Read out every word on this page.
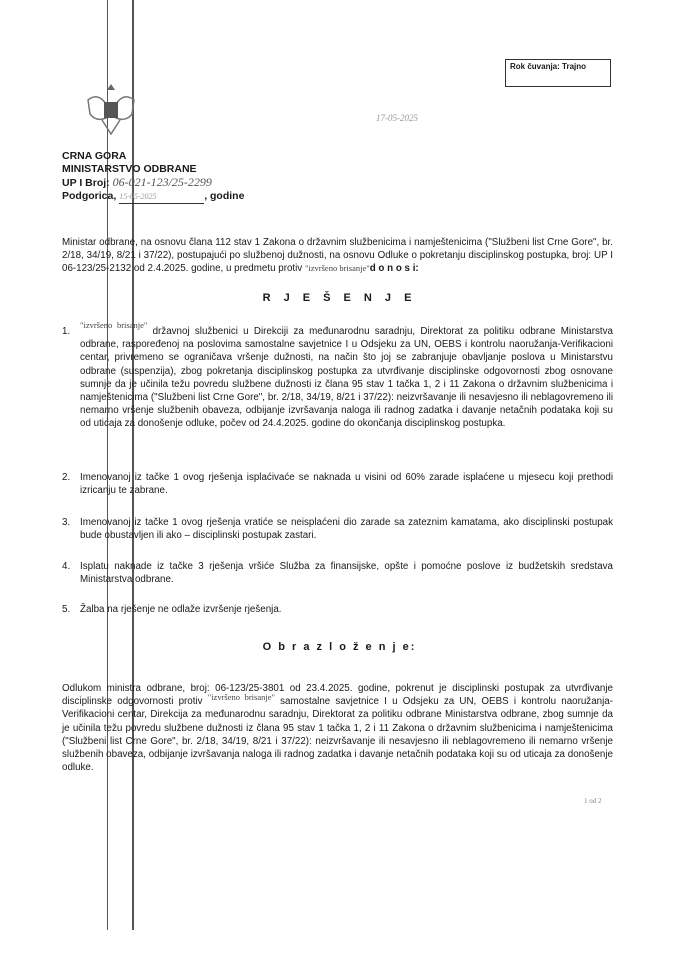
Rok čuvanja: Trajno
17-05-2025
CRNA GORA
MINISTARSTVO ODBRANE
UP I Broj: 06-021-123/25-2299
Podgorica, 15-05-2025	, godine
Ministar odbrane, na osnovu člana 112 stav 1 Zakona o državnim službenicima i namještenicima ("Službeni list Crne Gore", br. 2/18, 34/19, 8/21 i 37/22), postupajući po službenoj dužnosti, na osnovu Odluke o pokretanju disciplinskog postupka, broj: UP I 06-123/25-2132 od 2.4.2025. godine, u predmetu protiv "izvršeno brisanje"d o n o s i:
R J E Š E N J E
1.
"izvršeno brisanje" državnoj službenici u Direkciji za međunarodnu saradnju, Direktorat za politiku odbrane Ministarstva odbrane, raspoređenoj na poslovima samostalne savjetnice I u Odsjeku za UN, OEBS i kontrolu naoružanja-Verifikacioni centar, privremeno se ograničava vršenje dužnosti, na način što joj se zabranjuje obavljanje poslova u Ministarstvu odbrane (suspenzija), zbog pokretanja disciplinskog postupka za utvrđivanje disciplinske odgovornosti zbog osnovane sumnje da je učinila težu povredu službene dužnosti iz člana 95 stav 1 tačka 1, 2 i 11 Zakona o državnim službenicima i namještenicima ("Službeni list Crne Gore", br. 2/18, 34/19, 8/21 i 37/22): neizvršavanje ili nesavjesno ili neblagovremeno ili nemarno vršenje službenih obaveza, odbijanje izvršavanja naloga ili radnog zadatka i davanje netačnih podataka koji su od uticaja za donošenje odluke, počev od 24.4.2025. godine do okončanja disciplinskog postupka.
2.	Imenovanoj iz tačke 1 ovog rješenja isplaćivaće se naknada u visini od 60% zarade isplaćene u mjesecu koji prethodi izricanju te zabrane.
3.	Imenovanoj iz tačke 1 ovog rješenja vratiće se neisplaćeni dio zarade sa zateznim kamatama, ako disciplinski postupak bude obustavljen ili ako – disciplinski postupak zastari.
4.	Isplatu naknade iz tačke 3 rješenja vršiće Služba za finansijske, opšte i pomoćne poslove iz budžetskih sredstava Ministarstva odbrane.
5.	Žalba na rješenje ne odlaže izvršenje rješenja.
O b r a z l o ž e n j e:
Odlukom ministra odbrane, broj: 06-123/25-3801 od 23.4.2025. godine, pokrenut je disciplinski postupak za utvrđivanje disciplinske odgovornosti protiv "izvršeno brisanje" samostalne savjetnice I u Odsjeku za UN, OEBS i kontrolu naoružanja-Verifikacioni centar, Direkcija za međunarodnu saradnju, Direktorat za politiku odbrane Ministarstva odbrane, zbog sumnje da je učinila težu povredu službene dužnosti iz člana 95 stav 1 tačka 1, 2 i 11 Zakona o državnim službenicima i namještenicima ("Službeni list Crne Gore", br. 2/18, 34/19, 8/21 i 37/22): neizvršavanje ili nesavjesno ili neblagovremeno ili nemarno vršenje službenih obaveza, odbijanje izvršavanja naloga ili radnog zadatka i davanje netačnih podataka koji su od uticaja za donošenje odluke.
1 od 2
